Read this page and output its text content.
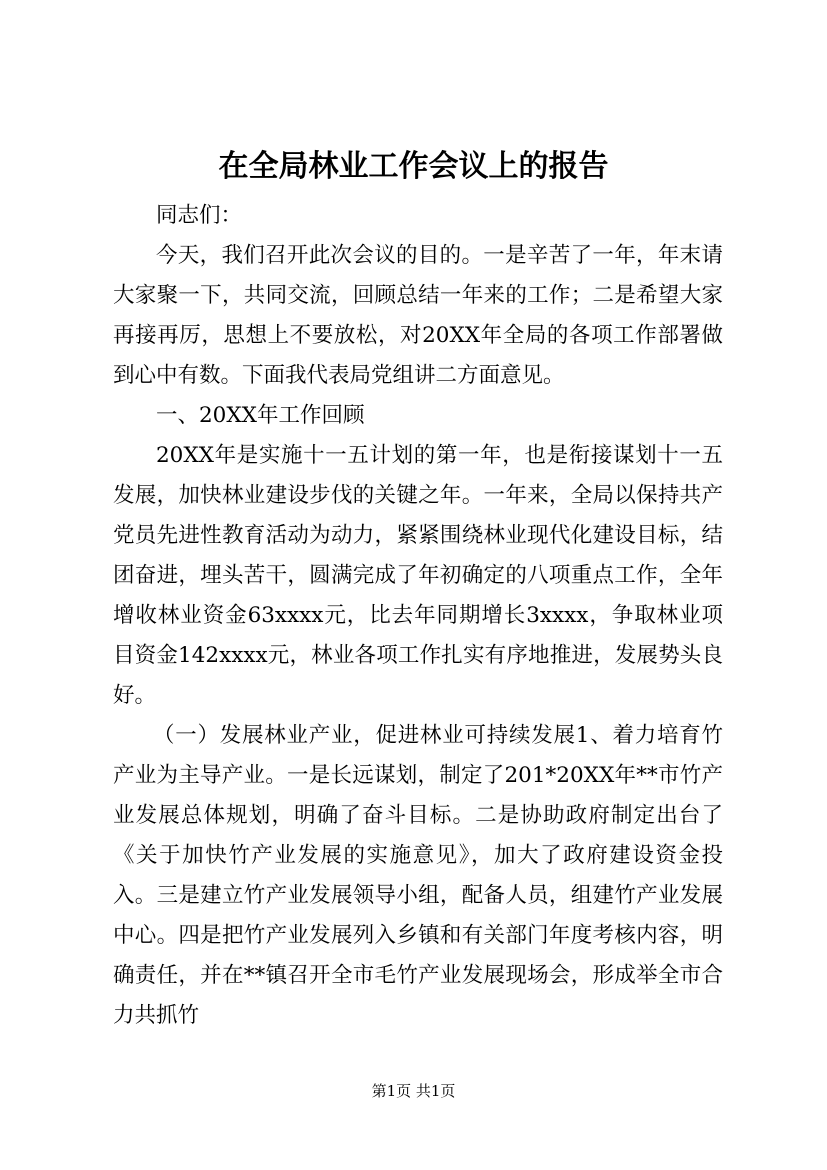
在全局林业工作会议上的报告

同志们：

今天，我们召开此次会议的目的。一是辛苦了一年，年末请大家聚一下，共同交流，回顾总结一年来的工作；二是希望大家再接再厉，思想上不要放松，对20XX年全局的各项工作部署做到心中有数。下面我代表局党组讲二方面意见。

一、20XX年工作回顾

20XX年是实施十一五计划的第一年，也是衔接谋划十一五发展，加快林业建设步伐的关键之年。一年来，全局以保持共产党员先进性教育活动为动力，紧紧围绕林业现代化建设目标，结团奋进，埋头苦干，圆满完成了年初确定的八项重点工作，全年增收林业资金63xxxx元，比去年同期增长3xxxx，争取林业项目资金142xxxx元，林业各项工作扎实有序地推进，发展势头良好。

（一）发展林业产业，促进林业可持续发展1、着力培育竹产业为主导产业。一是长远谋划，制定了201*20XX年**市竹产业发展总体规划，明确了奋斗目标。二是协助政府制定出台了《关于加快竹产业发展的实施意见》，加大了政府建设资金投入。三是建立竹产业发展领导小组，配备人员，组建竹产业发展中心。四是把竹产业发展列入乡镇和有关部门年度考核内容，明确责任，并在**镇召开全市毛竹产业发展现场会，形成举全市合力共抓竹

第1页 共1页
